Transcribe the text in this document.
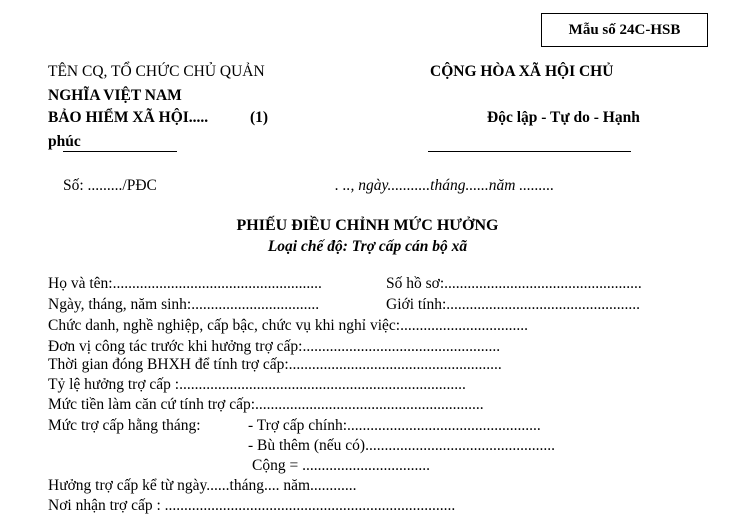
Mẫu số 24C-HSB
TÊN CQ, TỔ CHỨC CHỦ QUẢN	CỘNG HÒA XÃ HỘI CHỦ
NGHĨA VIỆT NAM
BẢO HIỂM XÃ HỘI.....	(1)	Độc lập - Tự do - Hạnh
phúc
Số: ........./PĐC	. .., ngày...........tháng......năm .........
PHIẾU ĐIỀU CHỈNH MỨC HƯỞNG
Loại chế độ: Trợ cấp cán bộ xã
Họ và tên:......................................................	Số hồ sơ:...................................................
Ngày, tháng, năm sinh:.................................	Giới tính:..................................................
Chức danh, nghề nghiệp, cấp bậc, chức vụ khi nghỉ việc:.................................
Đơn vị công tác trước khi hưởng trợ cấp:...................................................
Thời gian đóng BHXH để tính trợ cấp:.......................................................
Tỷ lệ hưởng trợ cấp :..........................................................................
Mức tiền làm căn cứ tính trợ cấp:...........................................................
Mức trợ cấp hằng tháng:	- Trợ cấp chính:..................................................
- Bù thêm (nếu có).................................................
Cộng = .................................
Hưởng trợ cấp kể từ ngày......tháng.... năm............
Nơi nhận trợ cấp : ...........................................................................
